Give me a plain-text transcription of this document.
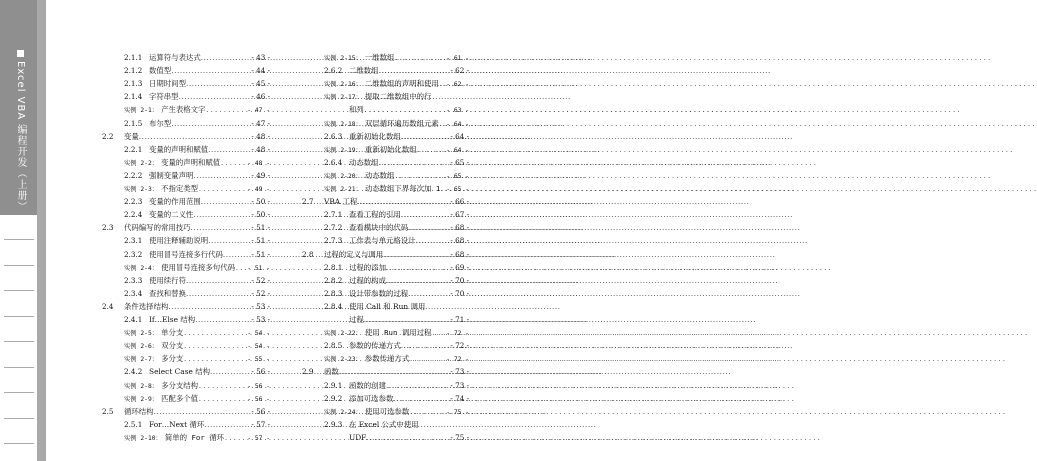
Excel VBA 编程开发（上册）
2.1.1 运算符与表达式 .....	- 43 -
2.1.2 数值型 .....	- 44 -
2.1.3 日期时间型 .....	- 45 -
2.1.4 字符串型 .....	- 46 -
实例 2-1： 产生表格文字 .....	- 47 -
2.1.5 布尔型 .....	- 47 -
2.2	变量 .....	- 48 -
2.2.1 变量的声明和赋值 .....	- 48 -
实例 2-2： 变量的声明和赋值 .....	- 48 -
2.2.2 强制变量声明 .....	- 49 -
实例 2-3： 不指定类型 .....	- 49 -
2.2.3 变量的作用范围 .....	- 50 -
2.2.4 变量的二义性 .....	- 50 -
2.3	代码编写的常用技巧 .....	- 51 -
2.3.1 使用注释辅助说明 .....	- 51 -
2.3.2 使用冒号连接多行代码 .....	- 51 -
实例 2-4： 使用冒号连接多句代码 ..... - 51 -
2.3.3 使用续行符 .....	- 52 -
2.3.4 查找和替换 .....	- 52 -
2.4	条件选择结构 .....	- 53 -
2.4.1 If…Else 结构 .....	- 53 -
实例 2-5： 单分支 .....	- 54 -
实例 2-6： 双分支 .....	- 54 -
实例 2-7： 多分支 .....	- 55 -
2.4.2 Select Case 结构 .....	- 56 -
实例 2-8： 多分支结构 .....	- 56 -
实例 2-9： 匹配多个值 .....	- 56 -
2.5	循环结构 .....	- 56 -
2.5.1 For…Next 循环 .....	- 57 -
实例 2-10： 简单的 For 循环 .....	- 57 -
实例 2-15： 一维数组 .....	- 61 -
2.6.2 二维数组 .....	- 62 -
实例 2-16： 二维数组的声明和使用 ..... - 62 -
实例 2-17： 提取二维数组中的行
和列 .....	- 63 -
实例 2-18： 双层循环遍历数组元素 ..... - 64 -
2.6.3 重新初始化数组 .....	- 64 -
实例 2-19： 重新初始化数组 .....	- 64 -
2.6.4 动态数组 .....	- 65 -
实例 2-20： 动态数组 .....	- 65 -
实例 2-21： 动态数组下界每次加 1 ..... - 65 -
2.7	VBA 工程 .....	- 66 -
2.7.1 查看工程的引用 .....	- 67 -
2.7.2 查看模块中的代码 .....	- 68 -
2.7.3 工作表与单元格设计 .....	- 68 -
2.8	过程的定义与调用 .....	- 68 -
2.8.1 过程的添加 .....	- 69 -
2.8.2 过程的构成 .....	- 70 -
2.8.3 设计带参数的过程 .....	- 70 -
2.8.4 使用 Call 和 Run 调用
过程 .....	- 71 -
实例 2-22： 使用 Run 调用过程 ..... - 72 -
2.8.5 参数的传递方式 .....	- 72 -
实例 2-23： 参数传递方式 .....	- 72 -
2.9	函数 .....	- 73 -
2.9.1 函数的创建 .....	- 73 -
2.9.2 添加可选参数 .....	- 74 -
实例 2-24： 使用可选参数 .....	- 75 -
2.9.3 在 Excel 公式中使用
UDF .....	- 75 -
